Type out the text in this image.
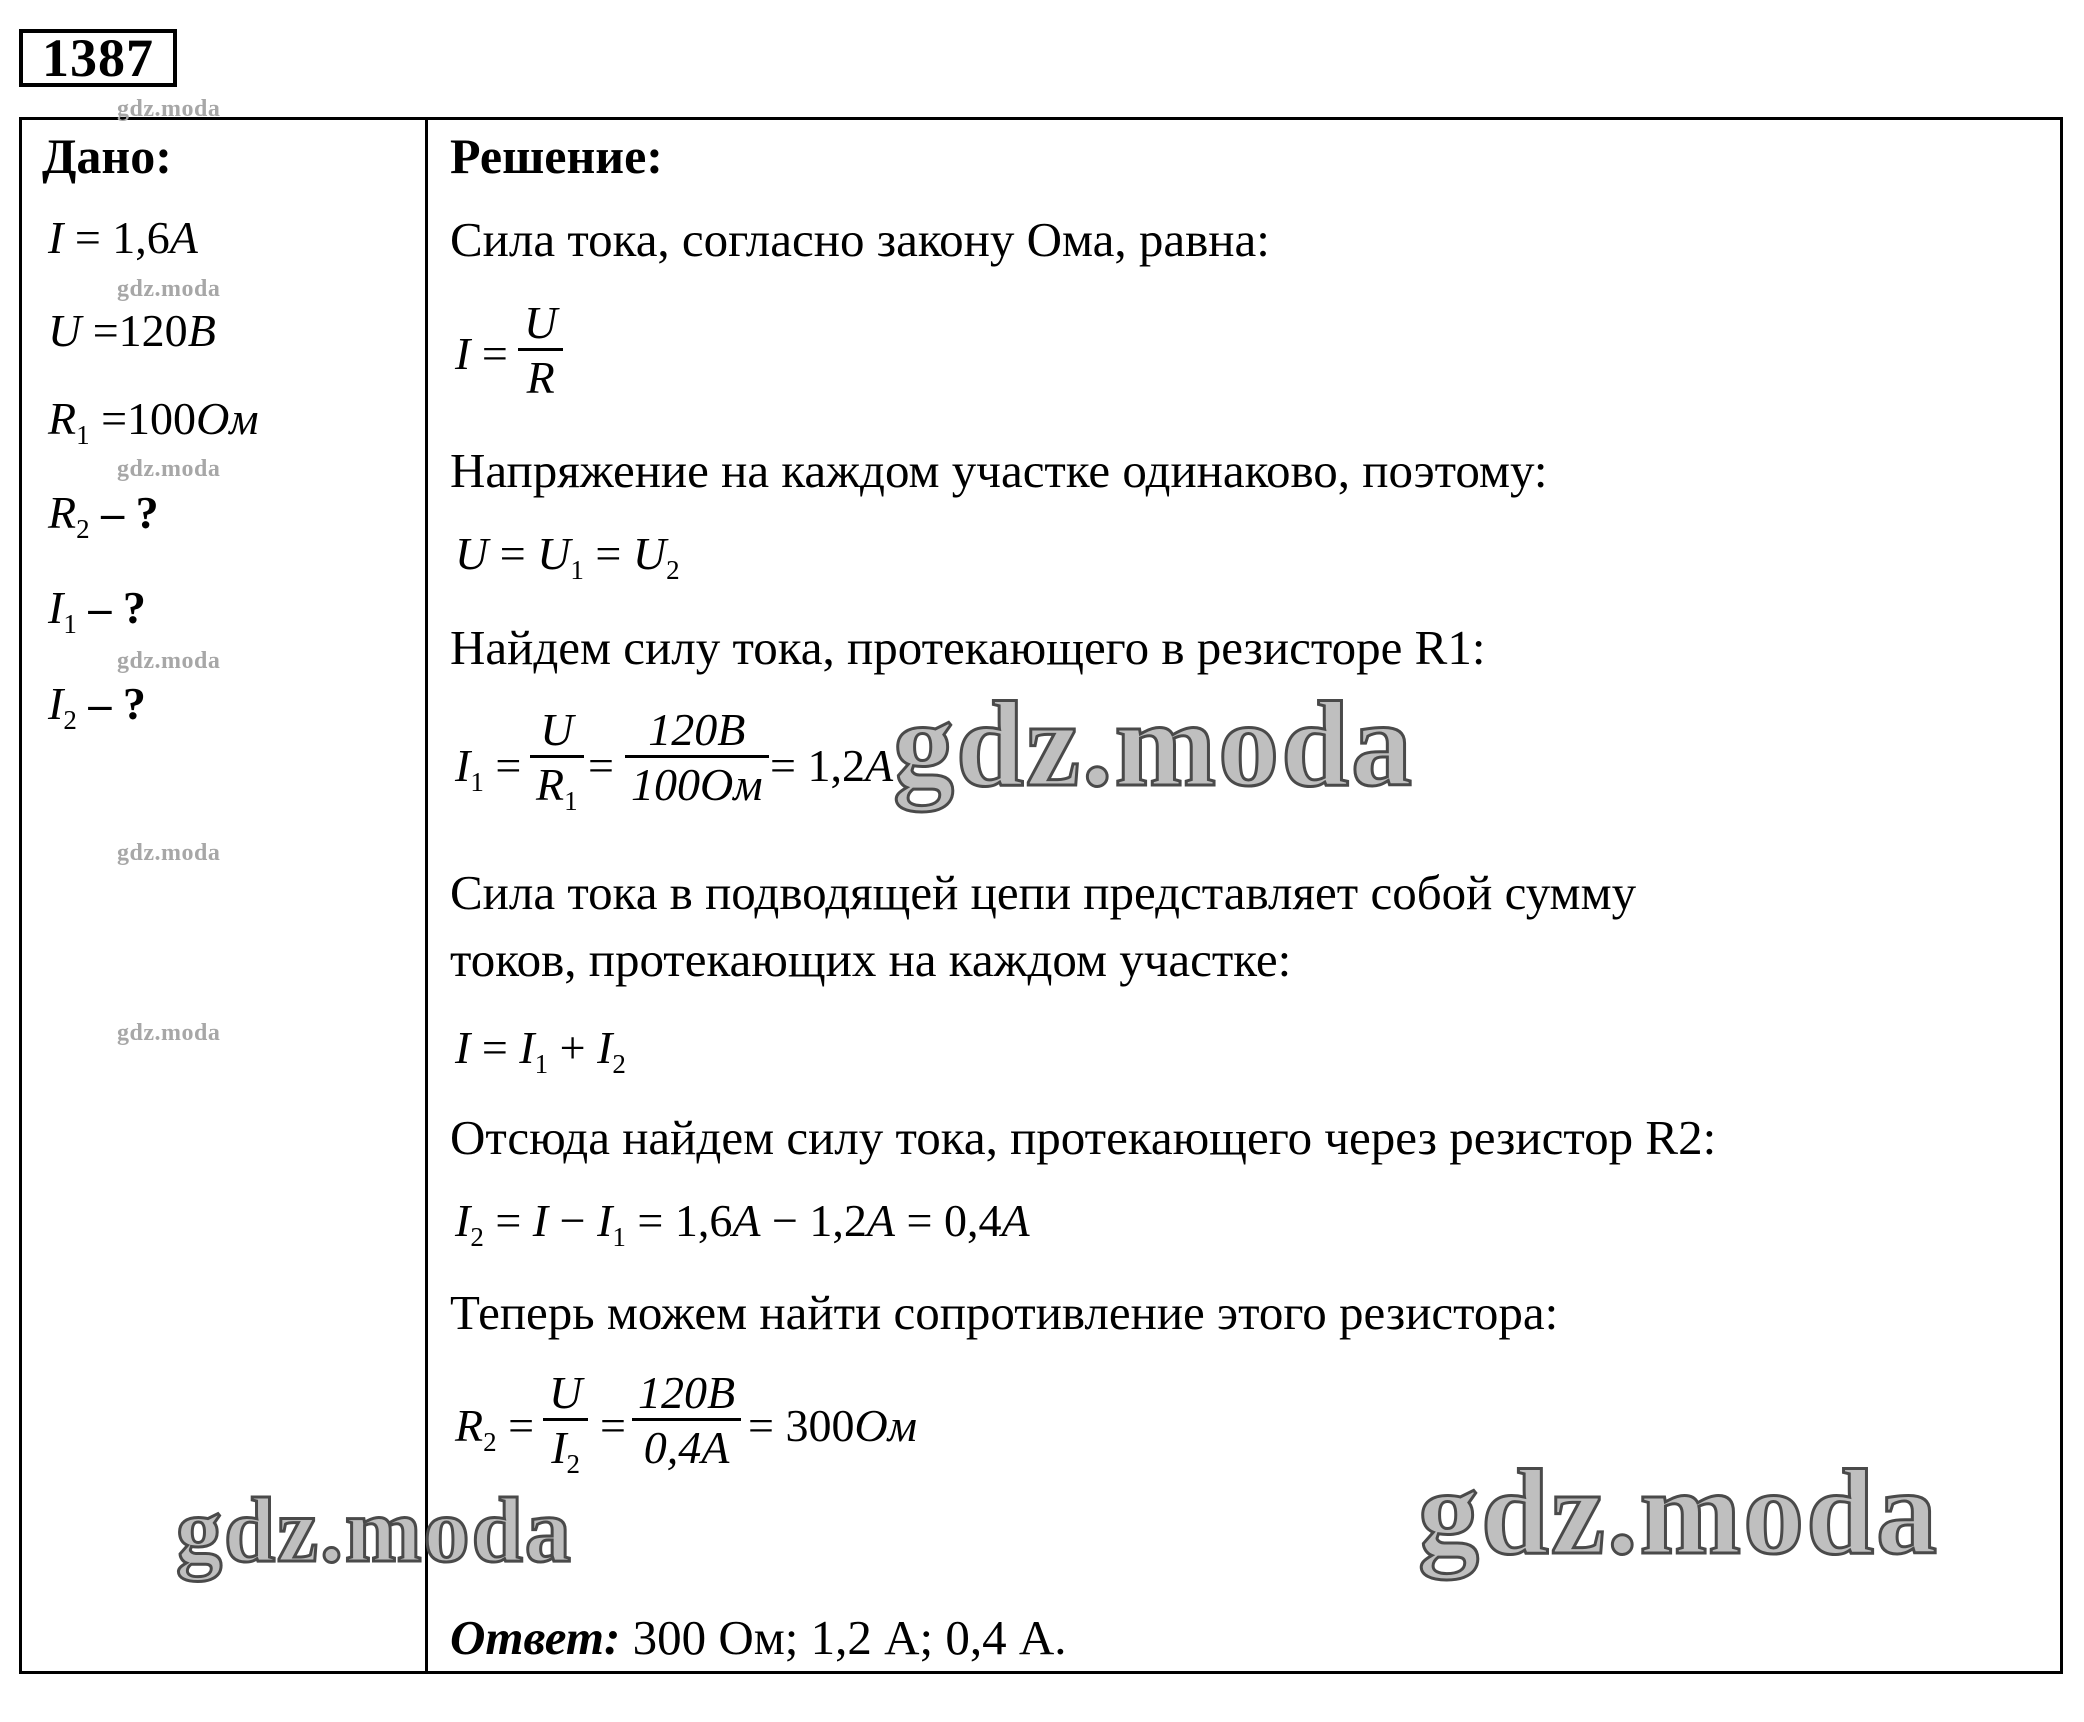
1387
Дано:
I = 1,6A
U =120B
$R_1 =100Ом$
$R_2$ – ?
$I_1$ – ?
$I_2$ – ?
Решение:
Сила тока, согласно закону Ома, равна:
$I = \frac{U}{R}$
Напряжение на каждом участке одинаково, поэтому:
$U = U_1 = U_2$
Найдем силу тока, протекающего в резисторе R1:
$I_1 = \frac{U}{R_1}$ =
120B
100Ом = 1,2A
Сила тока в подводящей цепи представляет собой сумму
токов, протекающих на каждом участке:
$I = I_1 + I_2$
Отсюда найдем силу тока, протекающего через резистор R2:
$I_2 = I - I_1 = 1,6A - 1,2A = 0,4A$
Теперь можем найти сопротивление этого резистора:
$R_2 = \frac{U}{I_2} = \frac{120B}{0,4A} = 300Ом$
Ответ: 300 Ом; 1,2 А; 0,4 А.
gdz.moda
gdz.moda
gdz.moda
gdz.moda
gdz.moda
gdz.moda
gdz.moda
gdz.moda	gdz.moda
